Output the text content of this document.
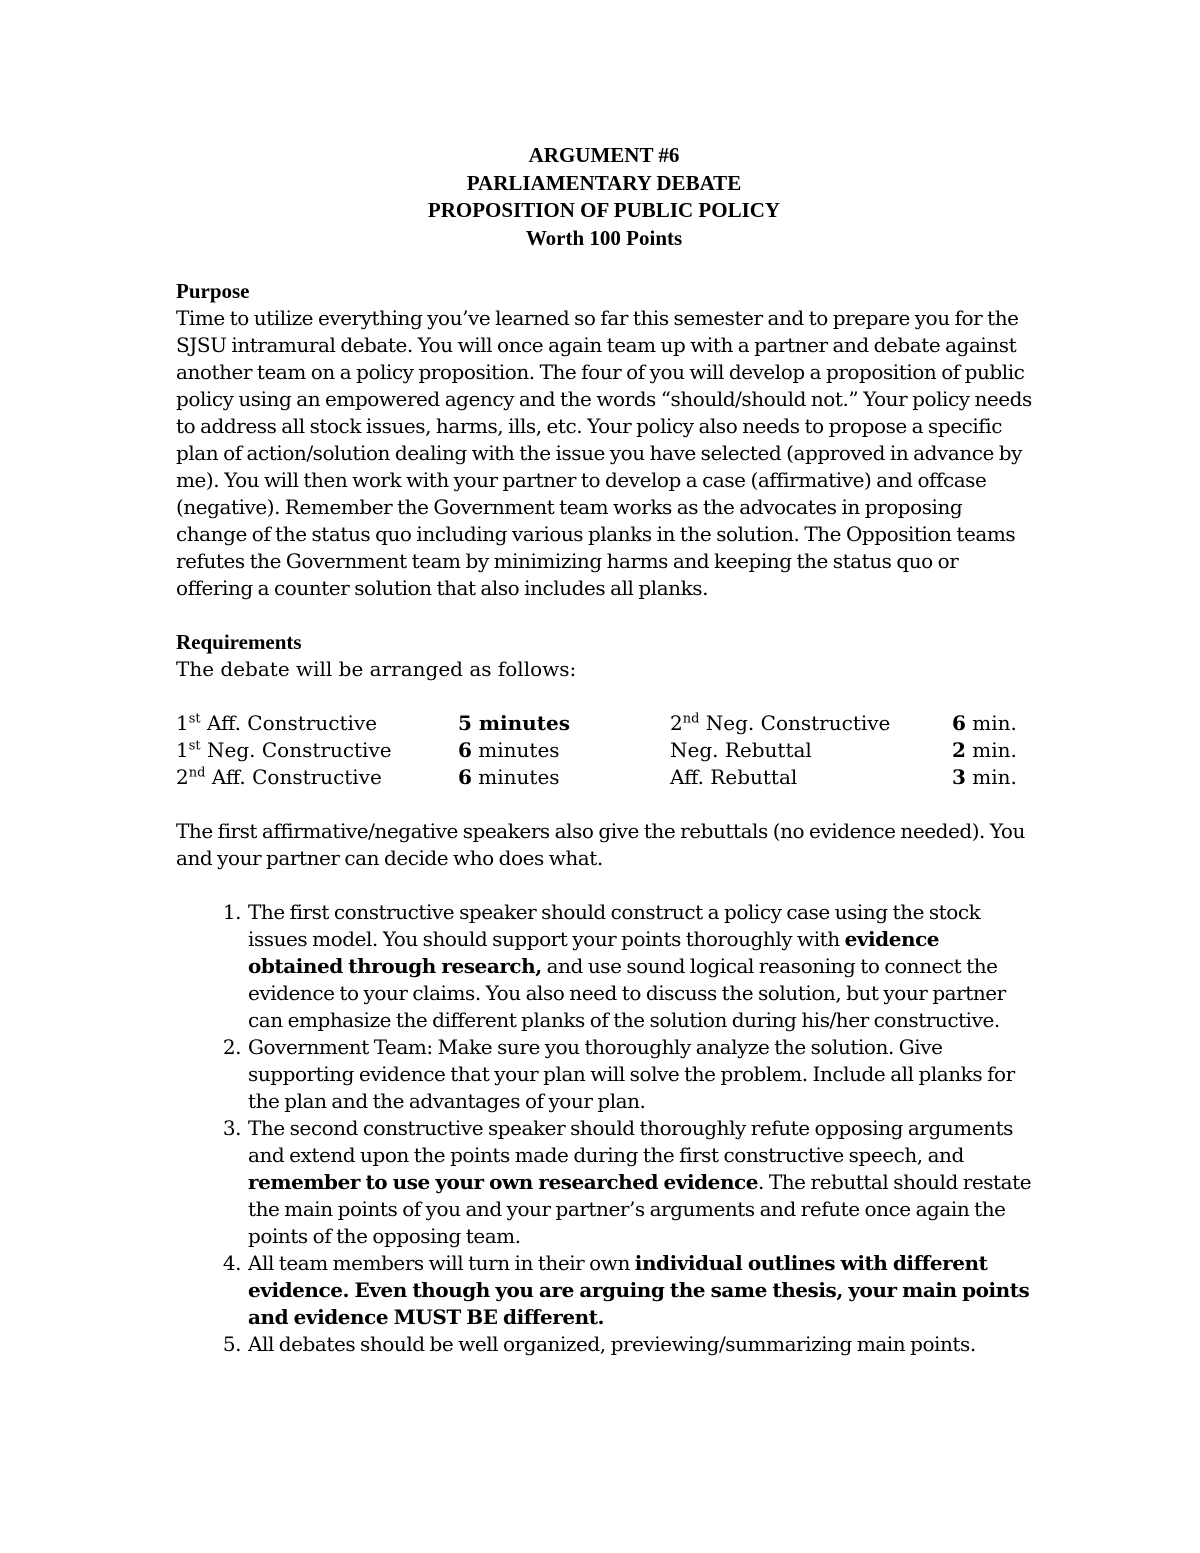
ARGUMENT #6
PARLIAMENTARY DEBATE
PROPOSITION OF PUBLIC POLICY
Worth 100 Points
Purpose

Time to utilize everything you’ve learned so far this semester and to prepare you for the SJSU intramural debate. You will once again team up with a partner and debate against another team on a policy proposition. The four of you will develop a proposition of public policy using an empowered agency and the words “should/should not.” Your policy needs to address all stock issues, harms, ills, etc. Your policy also needs to propose a specific plan of action/solution dealing with the issue you have selected (approved in advance by me). You will then work with your partner to develop a case (affirmative) and offcase (negative). Remember the Government team works as the advocates in proposing change of the status quo including various planks in the solution. The Opposition teams refutes the Government team by minimizing harms and keeping the status quo or offering a counter solution that also includes all planks.

Requirements

The debate will be arranged as follows:

1st Aff. Constructive	5 minutes	2nd Neg. Constructive	6 min.
1st Neg. Constructive	6 minutes	Neg. Rebuttal	2 min.
2nd Aff. Constructive	6 minutes	Aff. Rebuttal	3 min.

The first affirmative/negative speakers also give the rebuttals (no evidence needed). You and your partner can decide who does what.

1. The first constructive speaker should construct a policy case using the stock issues model. You should support your points thoroughly with evidence obtained through research, and use sound logical reasoning to connect the evidence to your claims. You also need to discuss the solution, but your partner can emphasize the different planks of the solution during his/her constructive.
2. Government Team: Make sure you thoroughly analyze the solution. Give supporting evidence that your plan will solve the problem. Include all planks for the plan and the advantages of your plan.
3. The second constructive speaker should thoroughly refute opposing arguments and extend upon the points made during the first constructive speech, and remember to use your own researched evidence. The rebuttal should restate the main points of you and your partner’s arguments and refute once again the points of the opposing team.
4. All team members will turn in their own individual outlines with different evidence. Even though you are arguing the same thesis, your main points and evidence MUST BE different.
5. All debates should be well organized, previewing/summarizing main points.
